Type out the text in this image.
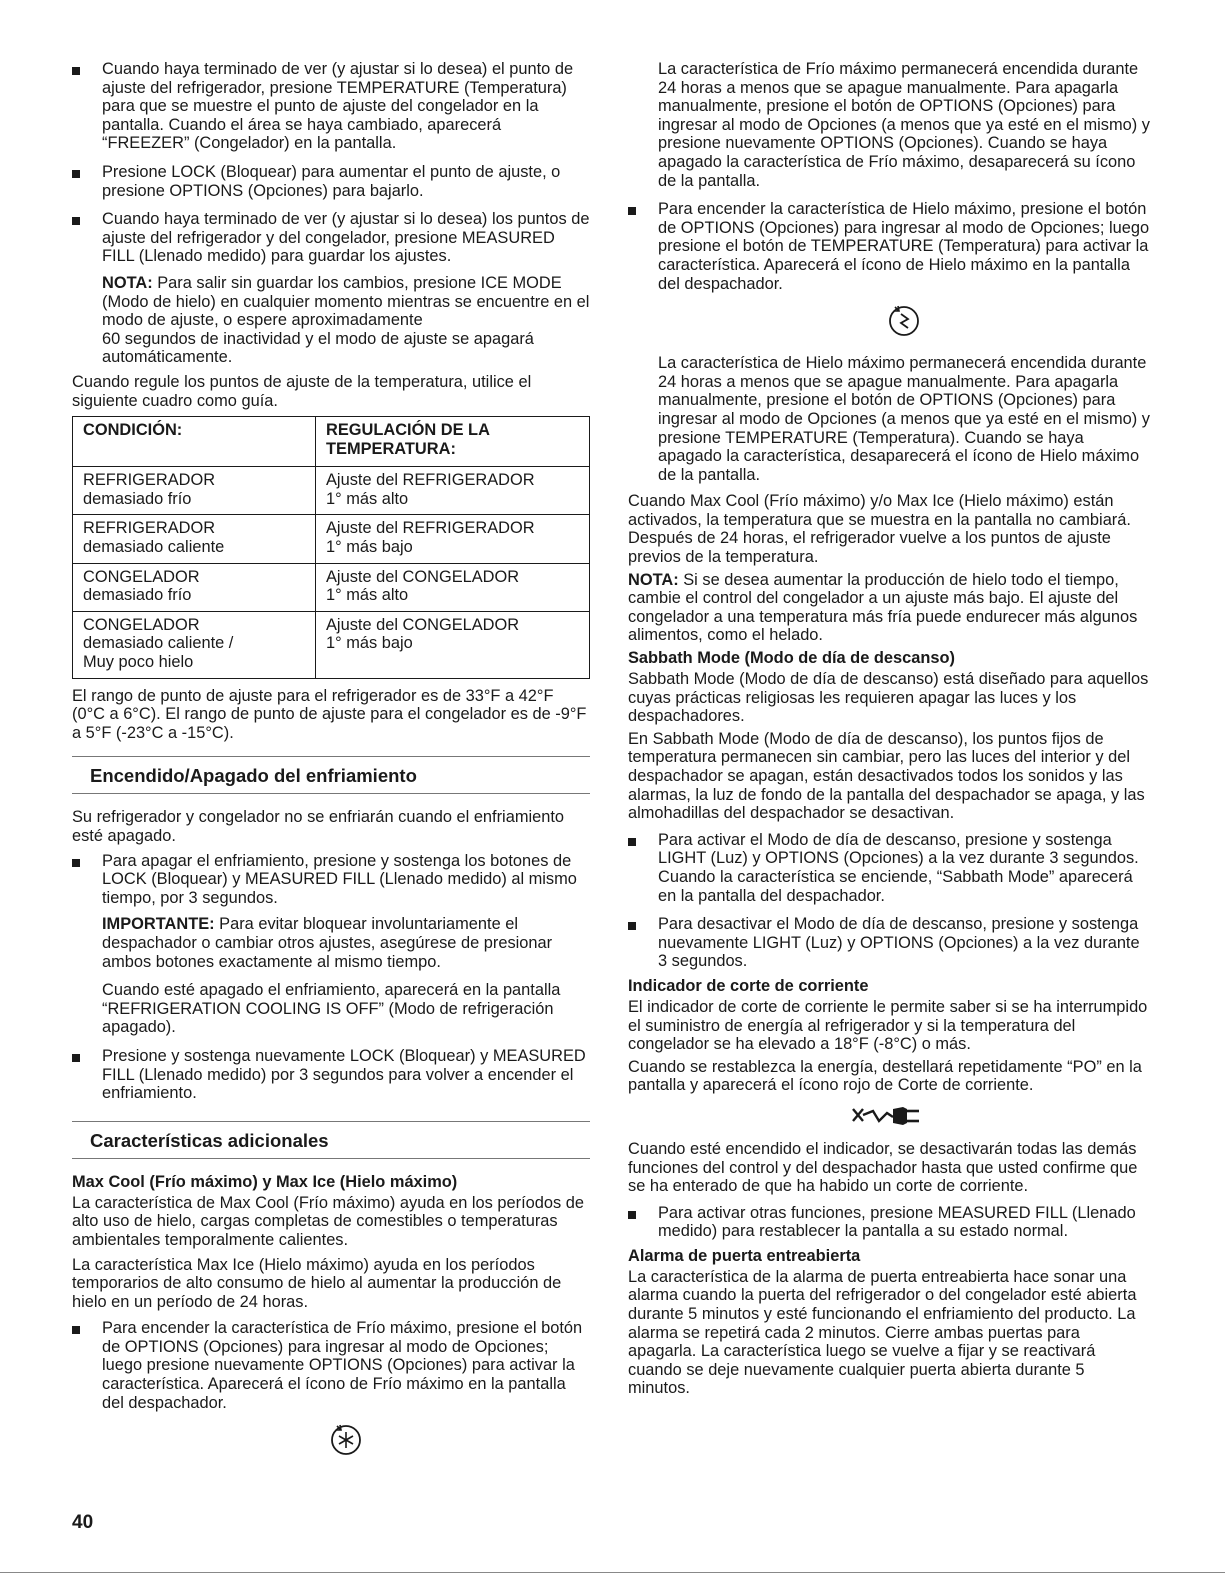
Cuando haya terminado de ver (y ajustar si lo desea) el punto de ajuste del refrigerador, presione TEMPERATURE (Temperatura) para que se muestre el punto de ajuste del congelador en la pantalla. Cuando el área se haya cambiado, aparecerá “FREEZER” (Congelador) en la pantalla.

Presione LOCK (Bloquear) para aumentar el punto de ajuste, o presione OPTIONS (Opciones) para bajarlo.

Cuando haya terminado de ver (y ajustar si lo desea) los puntos de ajuste del refrigerador y del congelador, presione MEASURED FILL (Llenado medido) para guardar los ajustes.

NOTA: Para salir sin guardar los cambios, presione ICE MODE (Modo de hielo) en cualquier momento mientras se encuentre en el modo de ajuste, o espere aproximadamente

60 segundos de inactividad y el modo de ajuste se apagará automáticamente.

Cuando regule los puntos de ajuste de la temperatura, utilice el siguiente cuadro como guía.

CONDICIÓN:	REGULACIÓN DE LA TEMPERATURA:
REFRIGERADOR
demasiado frío	Ajuste del REFRIGERADOR
1° más alto
REFRIGERADOR
demasiado caliente	Ajuste del REFRIGERADOR
1° más bajo
CONGELADOR
demasiado frío	Ajuste del CONGELADOR
1° más alto
CONGELADOR
demasiado caliente /
Muy poco hielo	Ajuste del CONGELADOR
1° más bajo

El rango de punto de ajuste para el refrigerador es de 33°F a 42°F (0°C a 6°C). El rango de punto de ajuste para el congelador es de -9°F a 5°F (-23°C a -15°C).

Encendido/Apagado del enfriamiento

Su refrigerador y congelador no se enfriarán cuando el enfriamiento esté apagado.

Para apagar el enfriamiento, presione y sostenga los botones de LOCK (Bloquear) y MEASURED FILL (Llenado medido) al mismo tiempo, por 3 segundos.

IMPORTANTE: Para evitar bloquear involuntariamente el despachador o cambiar otros ajustes, asegúrese de presionar ambos botones exactamente al mismo tiempo.

Cuando esté apagado el enfriamiento, aparecerá en la pantalla “REFRIGERATION COOLING IS OFF” (Modo de refrigeración apagado).

Presione y sostenga nuevamente LOCK (Bloquear) y MEASURED FILL (Llenado medido) por 3 segundos para volver a encender el enfriamiento.

Características adicionales
Max Cool (Frío máximo) y Max Ice (Hielo máximo)

La característica de Max Cool (Frío máximo) ayuda en los períodos de alto uso de hielo, cargas completas de comestibles o temperaturas ambientales temporalmente calientes.

La característica Max Ice (Hielo máximo) ayuda en los períodos temporarios de alto consumo de hielo al aumentar la producción de hielo en un período de 24 horas.

Para encender la característica de Frío máximo, presione el botón de OPTIONS (Opciones) para ingresar al modo de Opciones; luego presione nuevamente OPTIONS (Opciones) para activar la característica. Aparecerá el ícono de Frío máximo en la pantalla del despachador.

La característica de Frío máximo permanecerá encendida durante 24 horas a menos que se apague manualmente. Para apagarla manualmente, presione el botón de OPTIONS (Opciones) para ingresar al modo de Opciones (a menos que ya esté en el mismo) y presione nuevamente OPTIONS (Opciones). Cuando se haya apagado la característica de Frío máximo, desaparecerá su ícono de la pantalla.

Para encender la característica de Hielo máximo, presione el botón de OPTIONS (Opciones) para ingresar al modo de Opciones; luego presione el botón de TEMPERATURE (Temperatura) para activar la característica. Aparecerá el ícono de Hielo máximo en la pantalla del despachador.

La característica de Hielo máximo permanecerá encendida durante 24 horas a menos que se apague manualmente. Para apagarla manualmente, presione el botón de OPTIONS (Opciones) para ingresar al modo de Opciones (a menos que ya esté en el mismo) y presione TEMPERATURE (Temperatura). Cuando se haya apagado la característica, desaparecerá el ícono de Hielo máximo de la pantalla.

Cuando Max Cool (Frío máximo) y/o Max Ice (Hielo máximo) están activados, la temperatura que se muestra en la pantalla no cambiará. Después de 24 horas, el refrigerador vuelve a los puntos de ajuste previos de la temperatura.

NOTA: Si se desea aumentar la producción de hielo todo el tiempo, cambie el control del congelador a un ajuste más bajo. El ajuste del congelador a una temperatura más fría puede endurecer más algunos alimentos, como el helado.

Sabbath Mode (Modo de día de descanso)

Sabbath Mode (Modo de día de descanso) está diseñado para aquellos cuyas prácticas religiosas les requieren apagar las luces y los despachadores.

En Sabbath Mode (Modo de día de descanso), los puntos fijos de temperatura permanecen sin cambiar, pero las luces del interior y del despachador se apagan, están desactivados todos los sonidos y las alarmas, la luz de fondo de la pantalla del despachador se apaga, y las almohadillas del despachador se desactivan.

Para activar el Modo de día de descanso, presione y sostenga LIGHT (Luz) y OPTIONS (Opciones) a la vez durante 3 segundos. Cuando la característica se enciende, “Sabbath Mode” aparecerá en la pantalla del despachador.

Para desactivar el Modo de día de descanso, presione y sostenga nuevamente LIGHT (Luz) y OPTIONS (Opciones) a la vez durante 3 segundos.

Indicador de corte de corriente

El indicador de corte de corriente le permite saber si se ha interrumpido el suministro de energía al refrigerador y si la temperatura del congelador se ha elevado a 18°F (-8°C) o más.

Cuando se restablezca la energía, destellará repetidamente “PO” en la pantalla y aparecerá el ícono rojo de Corte de corriente.

Cuando esté encendido el indicador, se desactivarán todas las demás funciones del control y del despachador hasta que usted confirme que se ha enterado de que ha habido un corte de corriente.

Para activar otras funciones, presione MEASURED FILL (Llenado medido) para restablecer la pantalla a su estado normal.

Alarma de puerta entreabierta

La característica de la alarma de puerta entreabierta hace sonar una alarma cuando la puerta del refrigerador o del congelador esté abierta durante 5 minutos y esté funcionando el enfriamiento del producto. La alarma se repetirá cada 2 minutos. Cierre ambas puertas para apagarla. La característica luego se vuelve a fijar y se reactivará cuando se deje nuevamente cualquier puerta abierta durante 5 minutos.

40
